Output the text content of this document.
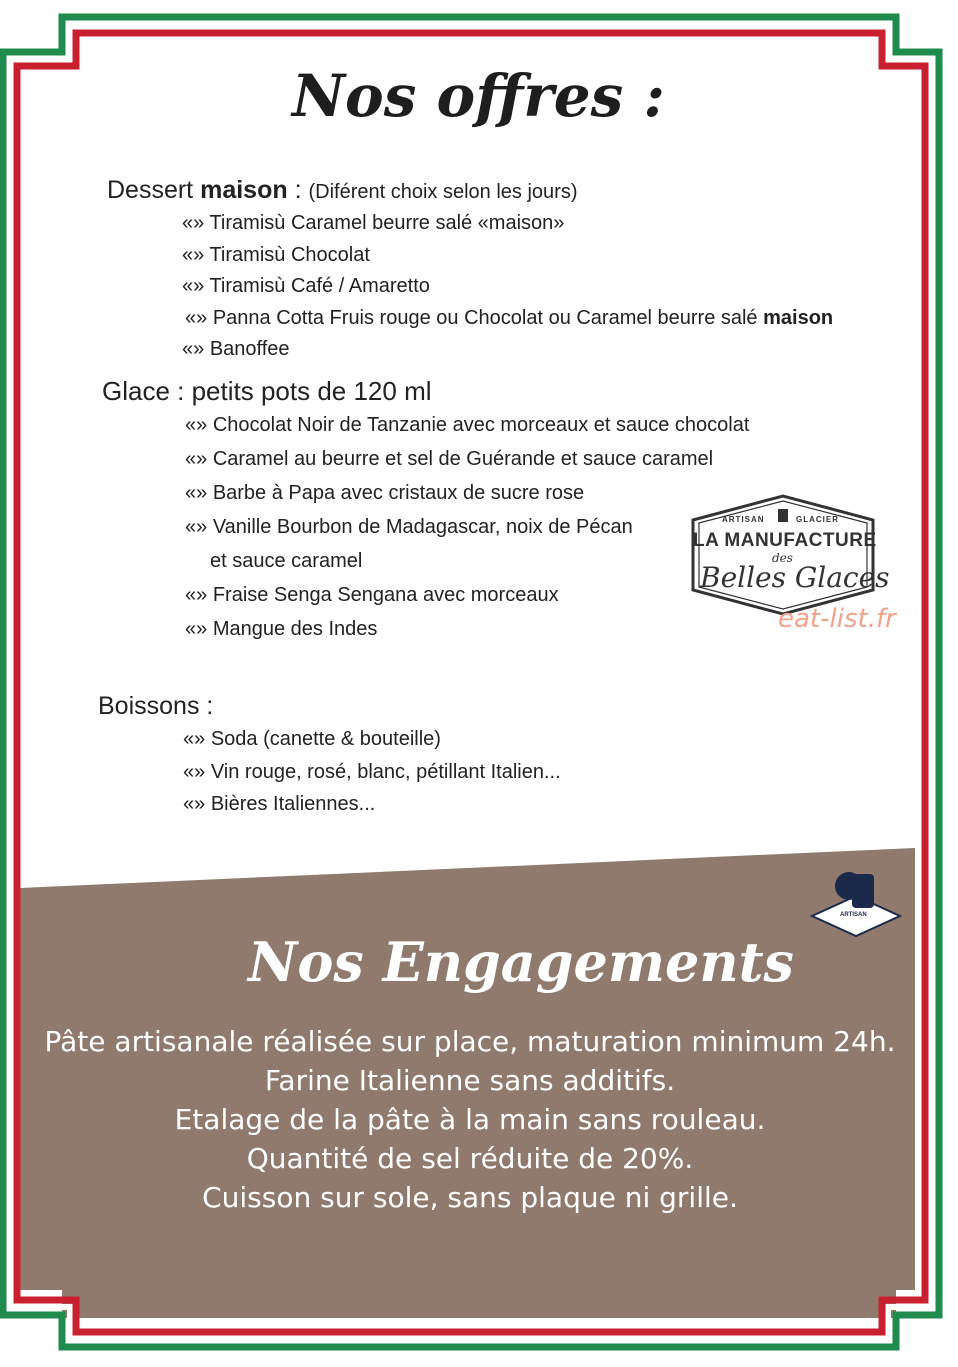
Nos offres :
Dessert maison : (Diférent choix selon les jours)
«» Tiramisù Caramel beurre salé «maison»
«» Tiramisù Chocolat
«» Tiramisù Café / Amaretto
«» Panna Cotta Fruis rouge ou Chocolat ou Caramel beurre salé maison
«» Banoffee
Glace : petits pots de 120 ml
«» Chocolat Noir de Tanzanie avec morceaux et sauce chocolat
«» Caramel au beurre et sel de Guérande et sauce caramel
«» Barbe à Papa avec cristaux de sucre rose
«» Vanille Bourbon de Madagascar, noix de Pécan
et sauce caramel
«» Fraise Senga Sengana avec morceaux
«» Mangue des Indes
ARTISAN	GLACIER
LA MANUFACTURE
des
Belles Glaces
eat-list.fr
Boissons :
«» Soda (canette & bouteille)
«» Vin rouge, rosé, blanc, pétillant Italien...
«» Bières Italiennes...
ARTISAN
Nos Engagements
Pâte artisanale réalisée sur place, maturation minimum 24h.
Farine Italienne sans additifs.
Etalage de la pâte à la main sans rouleau.
Quantité de sel réduite de 20%.
Cuisson sur sole, sans plaque ni grille.
